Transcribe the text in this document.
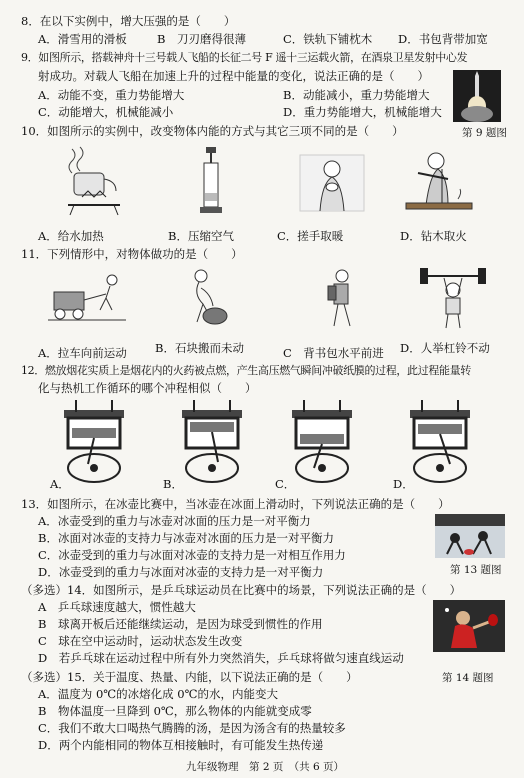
8．在以下实例中，增大压强的是（　　）
A．滑雪用的滑板	B　刀刃磨得很薄	C．铁轨下铺枕木 D．书包背带加宽
9．如图所示，搭载神舟十三号载人飞船的长征二号 F 遥十三运载火箭，在酒泉卫星发射中心发
射成功。对载人飞船在加速上升的过程中能量的变化，说法正确的是（　　）
A．动能不变，重力势能增大	B．动能减小，重力势能增大
C．动能增大，机械能减小	D．重力势能增大，机械能增大
第 9 题图
10．如图所示的实例中，改变物体内能的方式与其它三项不同的是（　　）
A．给水加热	B．压缩空气	C．搓手取暖	D．钻木取火
11．下列情形中，对物体做功的是（　　）
A．拉车向前运动 B．石块搬而未动	C　背书包水平前进 D．人举杠铃不动
12．燃放烟花实质上是烟花内的火药被点燃，产生高压燃气瞬间冲破纸膜的过程，此过程能量转
化与热机工作循环的哪个冲程相似（　　）
A．	B．	C．	D．
13．如图所示，在冰壶比赛中，当冰壶在冰面上滑动时，下列说法正确的是（　　）
A．冰壶受到的重力与冰壶对冰面的压力是一对平衡力
B．冰面对冰壶的支持力与冰壶对冰面的压力是一对平衡力
C．冰壶受到的重力与冰面对冰壶的支持力是一对相互作用力
D．冰壶受到的重力与冰面对冰壶的支持力是一对平衡力	第 13 题图
（多选）14．如图所示，是乒乓球运动员在比赛中的场景，下列说法正确的是（　　）
A　乒乓球速度越大，惯性越大
B　球离开板后还能继续运动，是因为球受到惯性的作用
C　球在空中运动时，运动状态发生改变
D　若乒乓球在运动过程中所有外力突然消失，乒乓球将做匀速直线运动
第 14 题图
（多选）15．关于温度、热量、内能，以下说法正确的是（　　）
A．温度为 0℃的冰熔化成 0℃的水，内能变大
B　物体温度一旦降到 0℃，那么物体的内能就变成零
C．我们不敢大口喝热气腾腾的汤，是因为汤含有的热量较多
D．两个内能相同的物体互相接触时，有可能发生热传递
九年级物理　第 2 页　（共 6 页）
